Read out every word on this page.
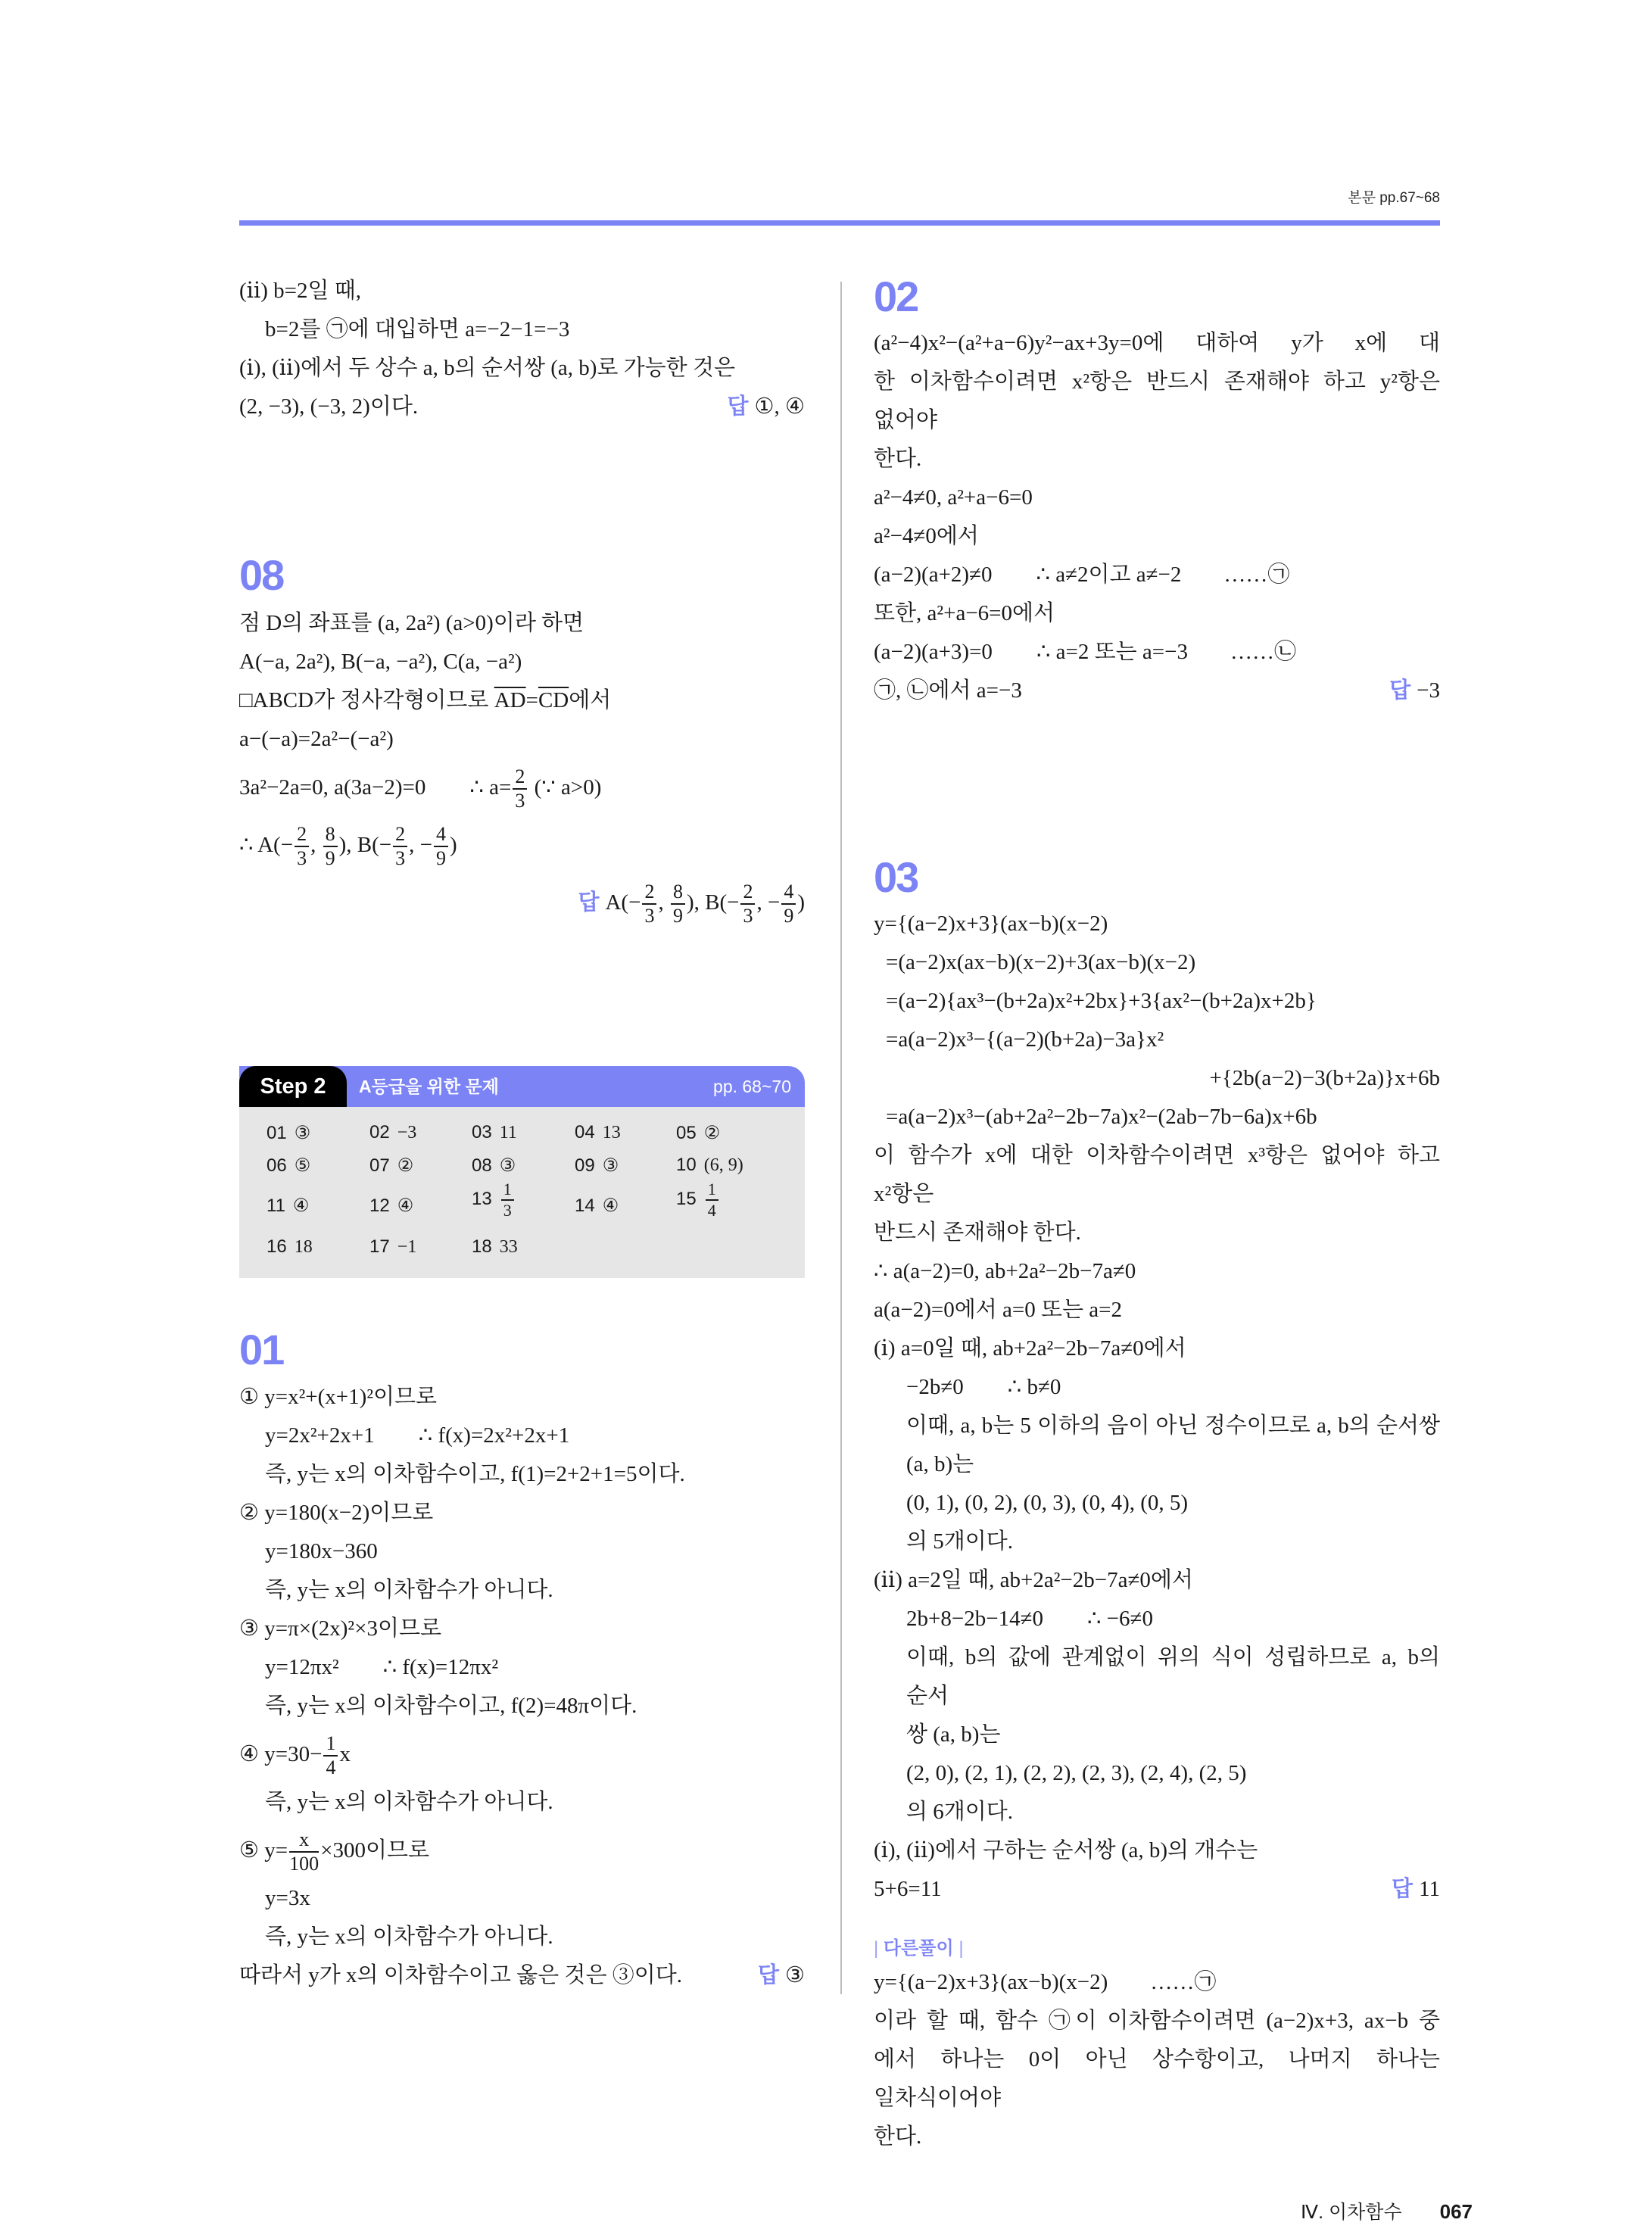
본문 pp.67~68
(ⅱ) b=2일 때,
b=2를 ㉠에 대입하면 a=−2−1=−3
(ⅰ), (ⅱ)에서 두 상수 a, b의 순서쌍 (a, b)로 가능한 것은
답 ①, ④
(2, −3), (−3, 2)이다.
08
점 D의 좌표를 (a, 2a²) (a>0)이라 하면
A(−a, 2a²), B(−a, −a²), C(a, −a²)
□ABCD가 정사각형이므로 $\overline{AD}=\overline{CD}$에서
a−(−a)=2a²−(−a²)
3a²−2a=0, a(3a−2)=0 ∴ $a= \frac{2}{3}$ (∵ a>0)
∴ $A(- \frac{2}{3}$ , $\frac{8}{9}$ ), $B(- \frac{2}{3}$ , − $\frac{4}{9}$ )
답 $A(- \frac{2}{3}$ , $\frac{8}{9}$ ), $B(- \frac{2}{3}$ , − $\frac{4}{9}$ )
Step 2	A등급을 위한 문제	pp. 68~70
01 ③	02 −3	03 11	04 13	05 ②
06 ⑤	07 ②	08 ③	09 ③	10 (6, 9)
11 ④	12 ④	$13 \frac{1}{3}$	14 ④	$15 \frac{1}{4}$
16 18	17 −1	18 33
01
① y=x²+(x+1)²이므로
y=2x²+2x+1 ∴ f(x)=2x²+2x+1
즉, y는 x의 이차함수이고, f(1)=2+2+1=5이다.
② y=180(x−2)이므로
y=180x−360
즉, y는 x의 이차함수가 아니다.
③ y=π×(2x)²×3이므로
y=12πx² ∴ f(x)=12πx²
즉, y는 x의 이차함수이고, f(2)=48π이다.
④ $y=30- \frac{1}{4}$ x
즉, y는 x의 이차함수가 아니다.
⑤ $y= \frac{x}{100} \times 300$이므로
y=3x
즉, y는 x의 이차함수가 아니다.
답 ③
따라서 y가 x의 이차함수이고 옳은 것은 ③이다.
02
(a²−4)x²−(a²+a−6)y²−ax+3y=0에 대하여 y가 x에 대
한 이차함수이려면 x²항은 반드시 존재해야 하고 y²항은 없어야
한다.
a²−4≠0, a²+a−6=0
a²−4≠0에서
(a−2)(a+2)≠0 ∴ a≠2이고 a≠−2 ……㉠
또한, a²+a−6=0에서
(a−2)(a+3)=0 ∴ a=2 또는 a=−3 ……㉡
답 −3
㉠, ㉡에서 a=−3
03
y={(a−2)x+3}(ax−b)(x−2)
=(a−2)x(ax−b)(x−2)+3(ax−b)(x−2)
=(a−2){ax³−(b+2a)x²+2bx}+3{ax²−(b+2a)x+2b}
=a(a−2)x³−{(a−2)(b+2a)−3a}x²
+{2b(a−2)−3(b+2a)}x+6b
=a(a−2)x³−(ab+2a²−2b−7a)x²−(2ab−7b−6a)x+6b
이 함수가 x에 대한 이차함수이려면 x³항은 없어야 하고 x²항은
반드시 존재해야 한다.
∴ a(a−2)=0, ab+2a²−2b−7a≠0
a(a−2)=0에서 a=0 또는 a=2
(ⅰ) a=0일 때, ab+2a²−2b−7a≠0에서
−2b≠0 ∴ b≠0
이때, a, b는 5 이하의 음이 아닌 정수이므로 a, b의 순서쌍
(a, b)는
(0, 1), (0, 2), (0, 3), (0, 4), (0, 5)
의 5개이다.
(ⅱ) a=2일 때, ab+2a²−2b−7a≠0에서
2b+8−2b−14≠0 ∴ −6≠0
이때, b의 값에 관계없이 위의 식이 성립하므로 a, b의 순서
쌍 (a, b)는
(2, 0), (2, 1), (2, 2), (2, 3), (2, 4), (2, 5)
의 6개이다.
(ⅰ), (ⅱ)에서 구하는 순서쌍 (a, b)의 개수는
답 11
5+6=11
| 다른풀이 |
y={(a−2)x+3}(ax−b)(x−2) ……㉠
이라 할 때, 함수 ㉠이 이차함수이려면 (a−2)x+3, ax−b 중
에서 하나는 0이 아닌 상수항이고, 나머지 하나는 일차식이어야
한다.
Ⅳ. 이차함수 067
